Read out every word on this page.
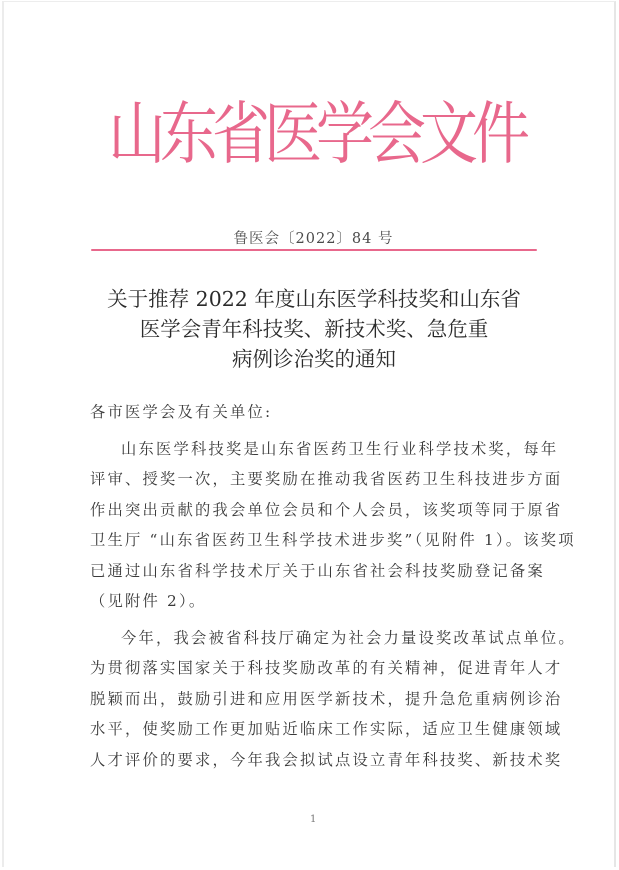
山
东
省
医
学
会
文
件
鲁医会〔2022〕84 号
关于推荐 2022 年度山东医学科技奖和山东省
医学会青年科技奖、新技术奖、急危重
病例诊治奖的通知
各市医学会及有关单位:
山东医学科技奖是山东省医药卫生行业科学技术奖，每年
评审、授奖一次，主要奖励在推动我省医药卫生科技进步方面
作出突出贡献的我会单位会员和个人会员，该奖项等同于原省
卫生厅 “山东省医药卫生科学技术进步奖”（见附件 1）。该奖项
已通过山东省科学技术厅关于山东省社会科技奖励登记备案
（见附件 2）。
今年，我会被省科技厅确定为社会力量设奖改革试点单位。
为贯彻落实国家关于科技奖励改革的有关精神，促进青年人才
脱颖而出，鼓励引进和应用医学新技术，提升急危重病例诊治
水平，使奖励工作更加贴近临床工作实际，适应卫生健康领域
人才评价的要求，今年我会拟试点设立青年科技奖、新技术奖
1
